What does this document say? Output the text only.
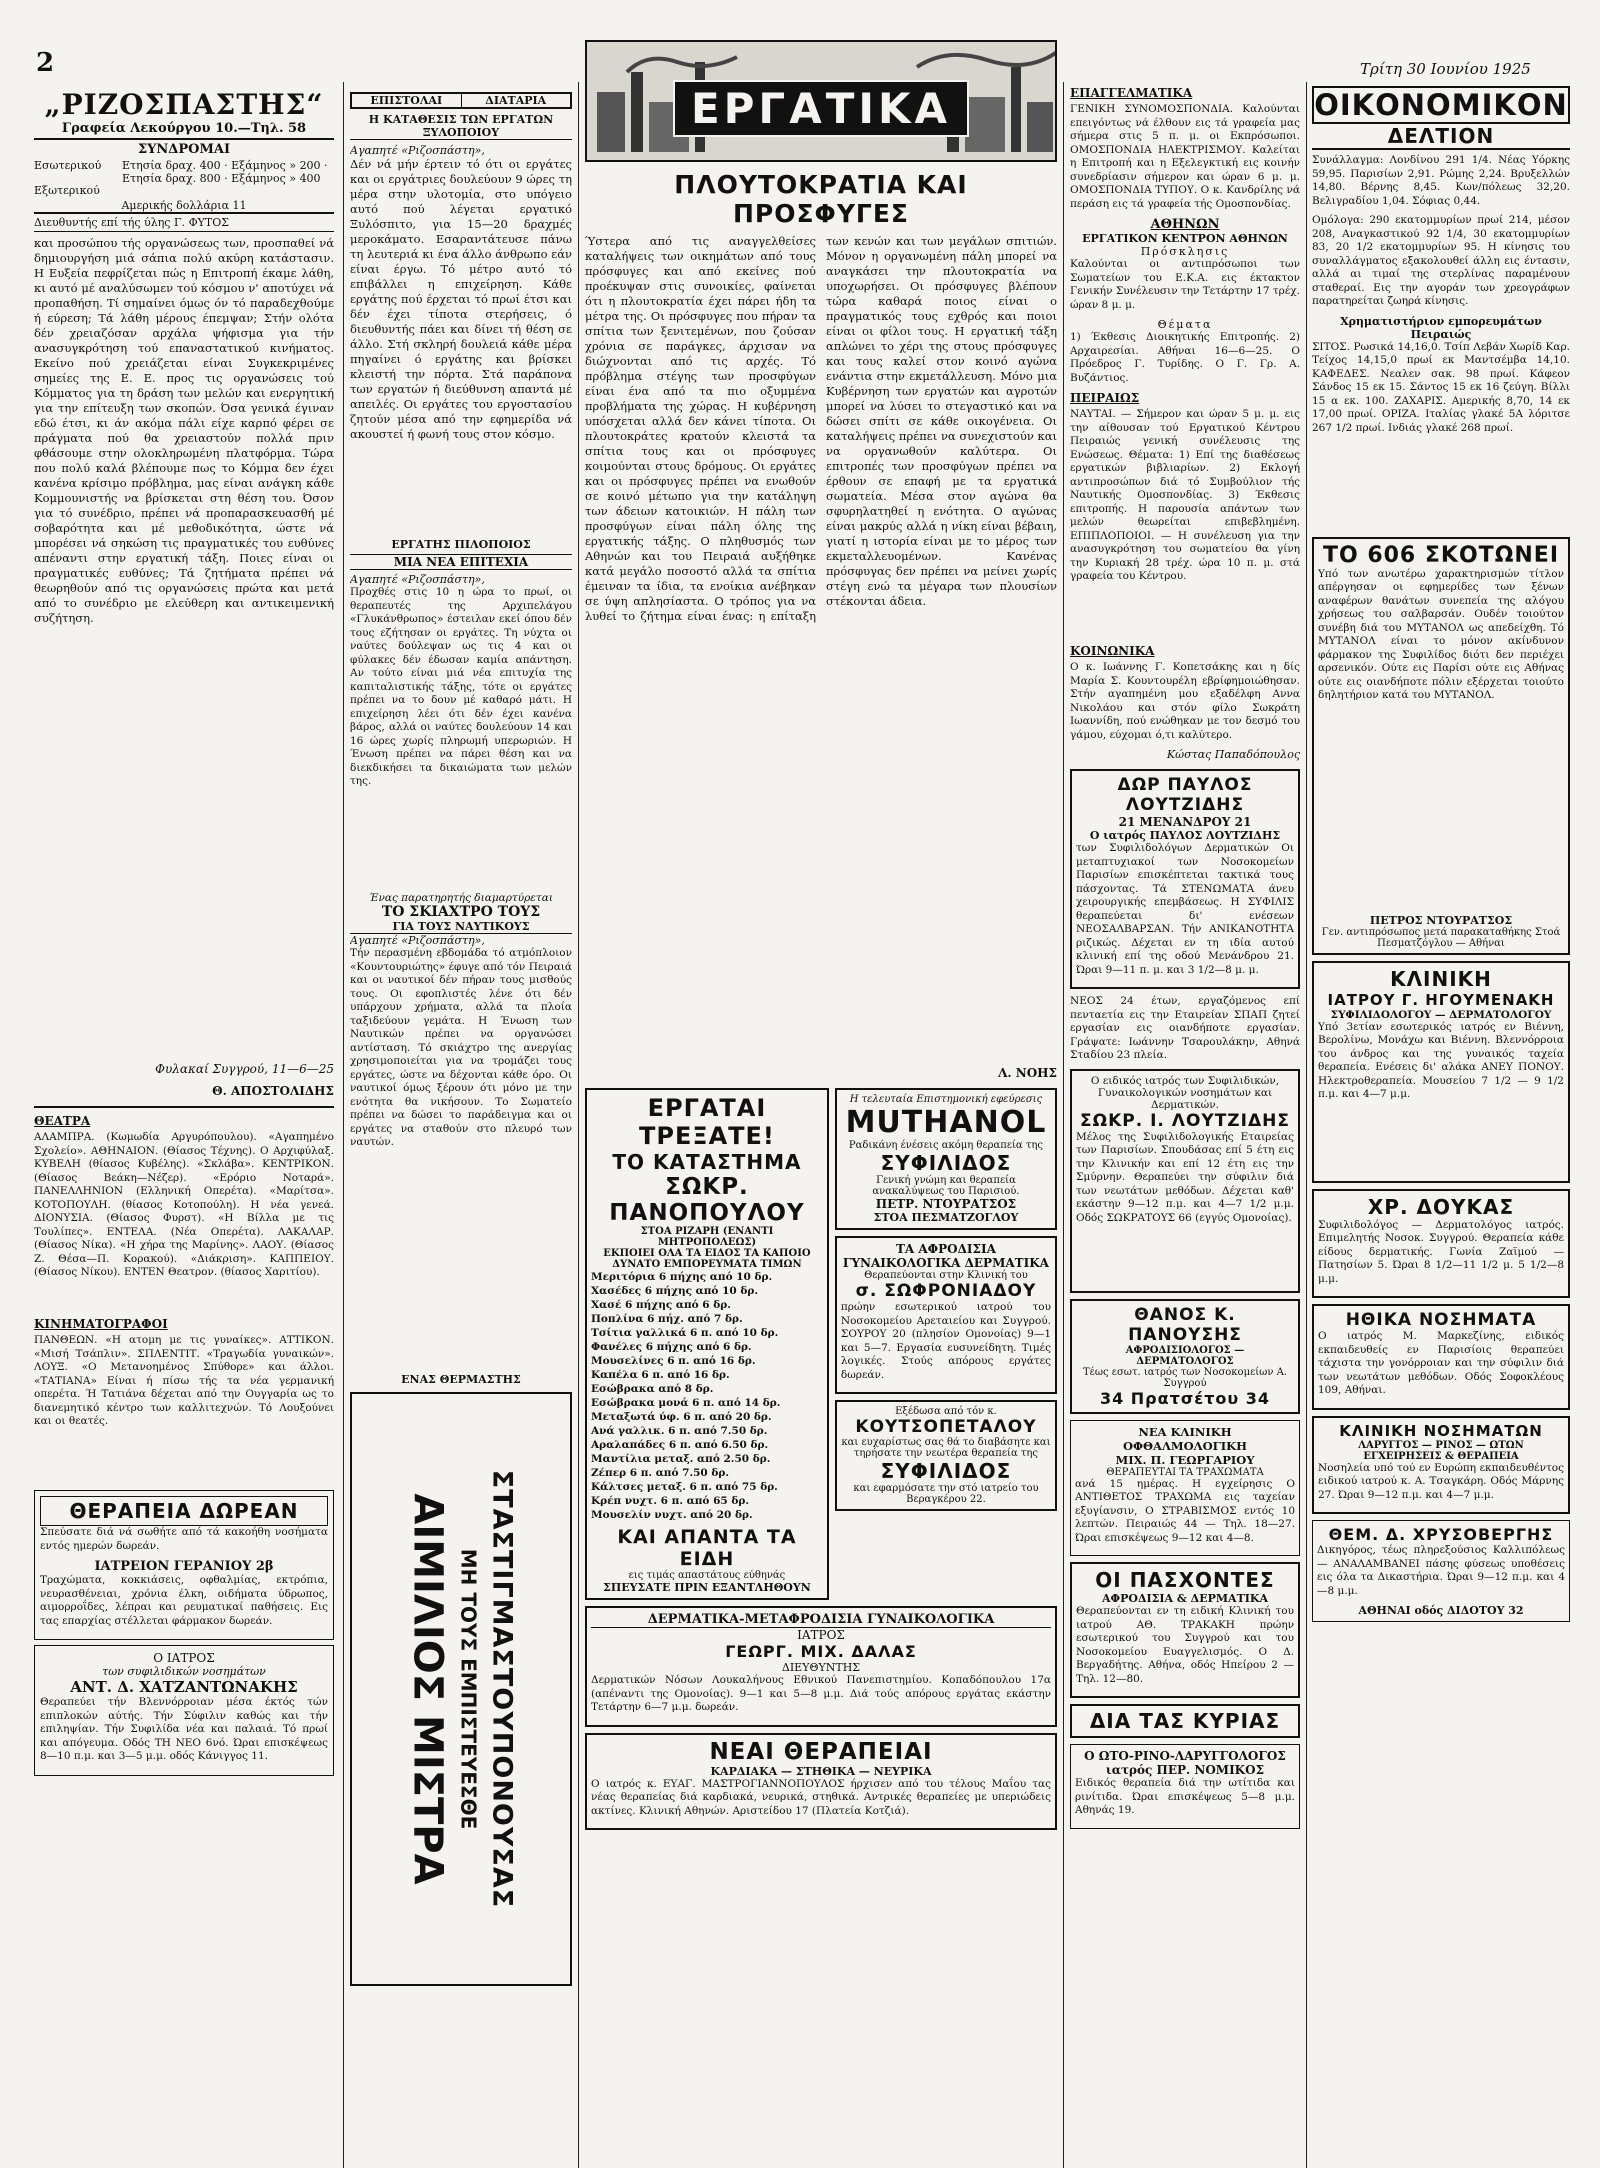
2	Τρίτη 30 Ιουνίου 1925
„ΡΙΖΟΣΠΑΣΤΗΣ“
Γραφεία Λεκούργου 10.—Τηλ. 58
ΣΥΝΔΡΟΜΑΙ
Εσωτερικού
Εξωτερικού
Ετησία δραχ. 400 · Εξάμηνος » 200 · Ετησία δραχ. 800 · Εξάμηνος » 400
Αμερικής δολλάρια 11
Διευθυντής επί τής ύλης Γ. ΦΥΤΟΣ

και προσώπου τής οργανώσεως των, προσπαθεί νά δημιουργήση μιά σάπια πολύ ακύρη κατάστασιν. Η Ευξεία πεφρίζεται πώς η Επιτροπή έκαμε λάθη, κι αυτό μέ αναλύσωμεν τού κόσμου ν' αποτύχει νά προπαθήση. Τί σημαίνει όμως όν τό παραδεχθούμε ή εύρεση; Τά λάθη μέρους έπεμψαν; Στήν ολότα δέν χρειαζόσαν αρχάλα ψήφισμα για τήν ανασυγκρότηση τού επαναστατικού κινήματος. Εκείνο πού χρειάζεται είναι Συγκεκριμένες σημείες της Ε. Ε. προς τις οργανώσεις τού Κόμματος για τη δράση των μελών και ενεργητική για την επίτευξη των σκοπών. Όσα γενικά έγιναν εδώ έτσι, κι άν ακόμα πάλι είχε καρπό φέρει σε πράγματα πού θα χρειαστούν πολλά πριν φθάσουμε στην ολοκληρωμένη πλατφόρμα. Τώρα που πολύ καλά βλέπουμε πως το Κόμμα δεν έχει κανένα κρίσιμο πρόβλημα, μας είναι ανάγκη κάθε Κομμουνιστής να βρίσκεται στη θέση του. Όσον για τό συνέδριο, πρέπει νά προπαρασκευασθή μέ σοβαρότητα και μέ μεθοδικότητα, ώστε νά μπορέσει νά σηκώση τις πραγματικές του ευθύνες απέναντι στην εργατική τάξη. Ποιες είναι οι πραγματικές ευθύνες; Τά ζητήματα πρέπει νά θεωρηθούν από τις οργανώσεις πρώτα και μετά από το συνέδριο με ελεύθερη και αντικειμενική συζήτηση.

Φυλακαί Συγγρού, 11—6—25
Θ. ΑΠΟΣΤΟΛΙΔΗΣ
ΘΕΑΤΡΑ

ΑΛΑΜΠΡΑ. (Κωμωδία Αργυρόπουλου). «Αγαπημένο Σχολείο». ΑΘΗΝΑΙΟΝ. (Θίασος Τέχνης). Ο Αρχιφύλαξ. ΚΥΒΕΛΗ (θίασος Κυβέλης). «Σκλάβα». ΚΕΝΤΡΙΚΟΝ. (Θίασος Βεάκη—Νέζερ). «Ερόριο Νοταρά». ΠΑΝΕΛΛΗΝΙΟΝ (Ελληνική Οπερέτα). «Μαρίτσα». ΚΟΤΟΠΟΥΛΗ. (θίασος Κοτοπούλη). Η νέα γενεά. ΔΙΟΝΥΣΙΑ. (Θίασος Φυρστ). «Η Βίλλα με τις Τουλίπες». ΕΝΤΕΛΑ. (Νέα Οπερέτα). ΛΑΚΑΛΑΡ. (Θίασος Νίκα). «Η χήρα της Μαρίνης». ΛΑΟΥ. (Θίασος Ζ. Θέσα—Π. Κορακού). «Διάκριση». ΚΑΠΠΕΙΟΥ. (Θίασος Νίκου). ΕΝΤΕΝ Θεατρον. (θίασος Χαριτίου).

ΚΙΝΗΜΑΤΟΓΡΑΦΟΙ

ΠΑΝΘΕΩΝ. «Η ατομη με τις γυναίκες». ΑΤΤΙΚΟΝ. «Μισή Τσάπλιν». ΣΠΛΕΝΤΙΤ. «Τραγωδία γυναικών». ΛΟΥΞ. «Ο Μετανοημένος Σπύθορε» και άλλοι. «ΤΑΤΙΑΝΑ» Είναι ή πίσω τής τα νέα γερμανική οπερέτα. Ή Τατιάνα δέχεται από την Ουγγαρία ως το διανεμητικό κέντρο των καλλιτεχνών. Τό Λουξούνει και οι θεατές.

ΘΕΡΑΠΕΙΑ ΔΩΡΕΑΝ

Σπεύσατε διά νά σωθήτε από τά κακοήθη νοσήματα εντός ημερών δωρεάν.

ΙΑΤΡΕΙΟΝ ΓΕΡΑΝΙΟΥ 2β

Τραχώματα, κοκκιάσεις, οφθαλμίας, εκτρόπια, νευρασθένειαι, χρόνια έλκη, οιδήματα ύδρωπος, αιμορροΐδες, λέπραι και ρευματικαί παθήσεις. Εις τας επαρχίας στέλλεται φάρμακον δωρεάν.

Ο ΙΑΤΡΟΣ
των συφιλιδικών νοσημάτων
ΑΝΤ. Δ. ΧΑΤΖΑΝΤΩΝΑΚΗΣ

Θεραπεύει τήν Βλεννόρροιαν μέσα έκτός τών επιπλοκών αύτής. Τήν Σύφιλιν καθώς και τήν επιληψίαν. Τήν Συφιλίδα νέα και παλαιά. Τό πρωί και απόγευμα. Οδός ΤΗ ΝΕΟ 6νό. Ώραι επισκέψεως 8—10 π.μ. και 3—5 μ.μ. οδός Κάνιγγος 11.

ΕΠΙΣΤΟΛΑΙ	ΔΙΑΤΑΡΙΑ
Η ΚΑΤΑΘΕΣΙΣ ΤΩΝ ΕΡΓΑΤΩΝ ΞΥΛΟΠΟΙΟΥ
Αγαπητέ «Ριζοσπάστη»,

Δέν νά μήν έρτειν τό ότι οι εργάτες και οι εργάτριες δουλεύουν 9 ώρες τη μέρα στην υλοτομία, στο υπόγειο αυτό πού λέγεται εργατικό Ξυλόσπιτο, για 15—20 δραχμές μεροκάματο. Εσαραντάτευσε πάνω τη λευτεριά κι ένα άλλο άνθρωπο εάν είναι έργω. Τό μέτρο αυτό τό επιβάλλει η επιχείρηση. Κάθε εργάτης πού έρχεται τό πρωί έτσι και δέν έχει τίποτα στερήσεις, ό διευθυντής πάει και δίνει τή θέση σε άλλο. Στή σκληρή δουλειά κάθε μέρα πηγαίνει ό εργάτης και βρίσκει κλειστή την πόρτα. Στά παράπονα των εργατών ή διεύθυνση απαντά μέ απειλές. Οι εργάτες του εργοστασίου ζητούν μέσα από την εφημερίδα νά ακουστεί ή φωνή τους στον κόσμο.

ΕΡΓΑΤΗΣ ΠΙΛΟΠΟΙΟΣ
ΜΙΑ ΝΕΑ ΕΠΙΤΕΧΙΑ
Αγαπητέ «Ριζοσπάστη»,

Προχθές στις 10 η ώρα το πρωί, οι θεραπευτές της Αρχιπελάγου «Γλυκάνθρωπος» έστειλαν εκεί όπου δέν τους εζήτησαν οι εργάτες. Τη νύχτα οι ναύτες δούλεψαν ως τις 4 και οι φύλακες δέν έδωσαν καμία απάντηση. Αν τούτο είναι μιά νέα επιτυχία της καπιταλιστικής τάξης, τότε οι εργάτες πρέπει να το δουν μέ καθαρό μάτι. Η επιχείρηση λέει ότι δέν έχει κανένα βάρος, αλλά οι ναύτες δουλεύουν 14 και 16 ώρες χωρίς πληρωμή υπερωριών. Η Ένωση πρέπει να πάρει θέση και να διεκδικήσει τα δικαιώματα των μελών της.

Ένας παρατηρητής διαμαρτύρεται
ΤΟ ΣΚΙΑΧΤΡΟ ΤΟΥΣ
ΓΙΑ ΤΟΥΣ ΝΑΥΤΙΚΟΥΣ
Αγαπητέ «Ριζοσπάστη»,

Τήν περασμένη εβδομάδα τό ατμόπλοιον «Κουντουριώτης» έφυγε από τόν Πειραιά και οι ναυτικοί δέν πήραν τους μισθούς τους. Οι εφοπλιστές λένε ότι δέν υπάρχουν χρήματα, αλλά τα πλοία ταξιδεύουν γεμάτα. Η Ένωση των Ναυτικών πρέπει να οργανώσει αντίσταση. Τό σκιάχτρο της ανεργίας χρησιμοποιείται για να τρομάζει τους εργάτες, ώστε να δέχονται κάθε όρο. Οι ναυτικοί όμως ξέρουν ότι μόνο με την ενότητα θα νικήσουν. Το Σωματείο πρέπει να δώσει το παράδειγμα και οι εργάτες να σταθούν στο πλευρό των ναυτών.

ΕΝΑΣ ΘΕΡΜΑΣΤΗΣ
ΣΤΑΣΤΙΓΜΑΣΤΟΥΠΟΝΟΥΣΑΣ
ΜΗ ΤΟΥΣ ΕΜΠΙΣΤΕΥΕΣΘΕ
ΑΙΜΙΛΙΟΣ ΜΙΣΤΡΑ
ΕΡΓΑΤΙΚΑ
ΠΛΟΥΤΟΚΡΑΤΙΑ ΚΑΙ ΠΡΟΣΦΥΓΕΣ

Ύστερα από τις αναγγελθείσες καταλήψεις των οικημάτων από τους πρόσφυγες και από εκείνες πού προέκυψαν στις συνοικίες, φαίνεται ότι η πλουτοκρατία έχει πάρει ήδη τα μέτρα της. Οι πρόσφυγες που πήραν τα σπίτια των ξενιτεμένων, που ζούσαν χρόνια σε παράγκες, άρχισαν να διώχνονται από τις αρχές. Τό πρόβλημα στέγης των προσφύγων είναι ένα από τα πιο οξυμμένα προβλήματα της χώρας. Η κυβέρνηση υπόσχεται αλλά δεν κάνει τίποτα. Οι πλουτοκράτες κρατούν κλειστά τα σπίτια τους και οι πρόσφυγες κοιμούνται στους δρόμους. Οι εργάτες και οι πρόσφυγες πρέπει να ενωθούν σε κοινό μέτωπο για την κατάληψη των άδειων κατοικιών. Η πάλη των προσφύγων είναι πάλη όλης της εργατικής τάξης. Ο πληθυσμός των Αθηνών και του Πειραιά αυξήθηκε κατά μεγάλο ποσοστό αλλά τα σπίτια έμειναν τα ίδια, τα ενοίκια ανέβηκαν σε ύψη απλησίαστα. Ο τρόπος για να λυθεί το ζήτημα είναι ένας: η επίταξη των κενών και των μεγάλων σπιτιών. Μόνον η οργανωμένη πάλη μπορεί να αναγκάσει την πλουτοκρατία να υποχωρήσει. Οι πρόσφυγες βλέπουν τώρα καθαρά ποιος είναι ο πραγματικός τους εχθρός και ποιοι είναι οι φίλοι τους. Η εργατική τάξη απλώνει το χέρι της στους πρόσφυγες και τους καλεί στον κοινό αγώνα ενάντια στην εκμετάλλευση. Μόνο μια Κυβέρνηση των εργατών και αγροτών μπορεί να λύσει το στεγαστικό και να δώσει σπίτι σε κάθε οικογένεια. Οι καταλήψεις πρέπει να συνεχιστούν και να οργανωθούν καλύτερα. Οι επιτροπές των προσφύγων πρέπει να έρθουν σε επαφή με τα εργατικά σωματεία. Μέσα στον αγώνα θα σφυρηλατηθεί η ενότητα. Ο αγώνας είναι μακρύς αλλά η νίκη είναι βέβαιη, γιατί η ιστορία είναι με το μέρος των εκμεταλλευομένων. Κανένας πρόσφυγας δεν πρέπει να μείνει χωρίς στέγη ενώ τα μέγαρα των πλουσίων στέκονται άδεια.

Λ. ΝΟΗΣ
ΕΡΓΑΤΑΙ ΤΡΕΞΑΤΕ!
ΤΟ ΚΑΤΑΣΤΗΜΑ
ΣΩΚΡ. ΠΑΝΟΠΟΥΛΟΥ
ΣΤΟΑ ΡΙΖΑΡΗ (ΕΝΑΝΤΙ ΜΗΤΡΟΠΟΛΕΩΣ)
ΕΚΠΟΙΕΙ ΟΛΑ ΤΑ ΕΙΔΟΣ ΤΑ ΚΑΠΟΙΟ ΔΥΝΑΤΟ ΕΜΠΟΡΕΥΜΑΤΑ ΤΙΜΩΝ
Μεριτόρια 6 πήχης από 10 δρ.
Χασέδες 6 πήχης από 10 δρ.
Χασέ 6 πήχης από 6 δρ.
Ποπλίνα 6 πήχ. από 7 δρ.
Τσίτια γαλλικά 6 π. από 10 δρ.
Φανέλες 6 πήχης από 6 δρ.
Μουσελίνες 6 π. από 16 δρ.
Καπέλα 6 π. από 16 δρ.
Εσώβρακα από 8 δρ.
Εσώβρακα μονά 6 π. από 14 δρ.
Μεταξωτά ύφ. 6 π. από 20 δρ.
Ανά γαλλικ. 6 π. από 7.50 δρ.
Αραλαπάδες 6 π. από 6.50 δρ.
Μαντίλια μεταξ. από 2.50 δρ.
Ζέπερ 6 π. από 7.50 δρ.
Κάλτσες μεταξ. 6 π. από 75 δρ.
Κρέπ νυχτ. 6 π. από 65 δρ.
Μουσελίν νυχτ. από 20 δρ.
ΚΑΙ ΑΠΑΝΤΑ ΤΑ ΕΙΔΗ
εις τιμάς απαστάτους εύθηνάς
ΣΠΕΥΣΑΤΕ ΠΡΙΝ ΕΞΑΝΤΛΗΘΟΥΝ
Η τελευταία Επιστημονική εφεύρεσις
MUTHANOL
Ραδικάνη ένέσεις ακόμη θεραπεία της
ΣΥΦΙΛΙΔΟΣ
Γενική γνώμη και θεραπεία ανακαλύψεως του Παρισιού.
ΠΕΤΡ. ΝΤΟΥΡΑΤΣΟΣ
ΣΤΟΑ ΠΕΣΜΑΤΖΟΓΛΟΥ
ΤΑ ΑΦΡΟΔΙΣΙΑ ΓΥΝΑΙΚΟΛΟΓΙΚΑ ΔΕΡΜΑΤΙΚΑ
Θεραπεύονται στην Κλινική του
σ. ΣΩΦΡΟΝΙΑΔΟΥ

πρώην εσωτερικού ιατρού του Νοσοκομείου Αρεταιείου και Συγγρού. ΣΟΥΡΟΥ 20 (πλησίον Ομονοίας) 9—1 και 5—7. Εργασία ευσυνείδητη. Τιμές λογικές. Στούς απόρους εργάτες δωρεάν.

Εξέδωσα από τόν κ.
ΚΟΥΤΣΟΠΕΤΑΛΟΥ
και ευχαρίστως σας θά το διαβάσητε και τηρήσατε την νεωτέρα θεραπεία της
ΣΥΦΙΛΙΔΟΣ
και εφαρμόσατε την στό ιατρείο του Βεραγκέρου 22.
ΔΕΡΜΑΤΙΚΑ-ΜΕΤΑΦΡΟΔΙΣΙΑ ΓΥΝΑΙΚΟΛΟΓΙΚΑ
ΙΑΤΡΟΣ
ΓΕΩΡΓ. ΜΙΧ. ΔΑΛΑΣ
ΔΙΕΥΘΥΝΤΗΣ

Δερματικών Νόσων Λουκαλήνους Εθνικού Πανεπιστημίου. Κοπαδόπουλου 17α (απέναντι της Ομονοίας). 9—1 και 5—8 μ.μ. Διά τούς απόρους εργάτας εκάστην Τετάρτην 6—7 μ.μ. δωρεάν.

ΝΕΑΙ ΘΕΡΑΠΕΙΑΙ
ΚΑΡΔΙΑΚΑ — ΣΤΗΘΙΚΑ — ΝΕΥΡΙΚΑ

Ο ιατρός κ. ΕΥΑΓ. ΜΑΣΤΡΟΓΙΑΝΝΟΠΟΥΛΟΣ ήρχισεν από του τέλους Μαΐου τας νέας θεραπείας διά καρδιακά, νευρικά, στηθικά. Αντρικές θεραπείες με υπεριώδεις ακτίνες. Κλινική Αθηνών. Αριστείδου 17 (Πλατεία Κοτζιά).

ΕΠΑΓΓΕΛΜΑΤΙΚΑ

ΓΕΝΙΚΗ ΣΥΝΟΜΟΣΠΟΝΔΙΑ. Καλούνται επειγόντως νά έλθουν εις τά γραφεία μας σήμερα στις 5 π. μ. οι Εκπρόσωποι. ΟΜΟΣΠΟΝΔΙΑ ΗΛΕΚΤΡΙΣΜΟΥ. Καλείται η Επιτροπή και η Εξελεγκτική εις κοινήν συνεδρίασιν σήμερον και ώραν 6 μ. μ. ΟΜΟΣΠΟΝΔΙΑ ΤΥΠΟΥ. Ο κ. Κανδρίλης νά περάση εις τά γραφεία τής Ομοσπονδίας.

ΑΘΗΝΩΝ
ΕΡΓΑΤΙΚΟΝ ΚΕΝΤΡΟΝ ΑΘΗΝΩΝ
Πρόσκλησις

Καλούνται οι αντιπρόσωποι των Σωματείων του Ε.Κ.Α. εις έκτακτον Γενικήν Συνέλευσιν την Τετάρτην 17 τρέχ. ώραν 8 μ. μ.

Θέματα

1) Έκθεσις Διοικητικής Επιτροπής. 2) Αρχαιρεσίαι. Αθήναι 16—6—25. Ο Πρόεδρος Γ. Τυρίδης. Ο Γ. Γρ. Α. Βυζάντιος.

ΠΕΙΡΑΙΩΣ

ΝΑΥΤΑΙ. — Σήμερον και ώραν 5 μ. μ. εις την αίθουσαν τού Εργατικού Κέντρου Πειραιώς γενική συνέλευσις της Ενώσεως. Θέματα: 1) Επί της διαθέσεως εργατικών βιβλιαρίων. 2) Εκλογή αντιπροσώπων διά τό Συμβούλιον τής Ναυτικής Ομοσπονδίας. 3) Έκθεσις επιτροπής. Η παρουσία απάντων των μελών θεωρείται επιβεβλημένη. ΕΠΙΠΛΟΠΟΙΟΙ. — Η συνέλευση για την ανασυγκρότηση του σωματείου θα γίνη την Κυριακή 28 τρέχ. ώρα 10 π. μ. στά γραφεία του Κέντρου.

ΚΟΙΝΩΝΙΚΑ

Ο κ. Ιωάννης Γ. Κοπετσάκης και η δίς Μαρία Σ. Κουντουρέλη εβρίφημοιώθησαν. Στήν αγαπημένη μου εξαδέλφη Αννα Νικολάου και στόν φίλο Σωκράτη Ιωαννίδη, πού ενώθηκαν με τον δεσμό του γάμου, εύχομαι ό,τι καλύτερο.

Κώστας Παπαδόπουλος
ΔΩΡ ΠΑΥΛΟΣ ΛΟΥΤΖΙΔΗΣ
21 ΜΕΝΑΝΔΡΟΥ 21
Ο ιατρός ΠΑΥΛΟΣ ΛΟΥΤΖΙΔΗΣ

των Συφιλιδολόγων Δερματικών Οι μεταπτυχιακοί των Νοσοκομείων Παρισίων επισκέπτεται τακτικά τους πάσχοντας. Τά ΣΤΕΝΩΜΑΤΑ άνευ χειρουργικής επεμβάσεως. Η ΣΥΦΙΛΙΣ θεραπεύεται δι' ενέσεων ΝΕΟΣΑΛΒΑΡΣΑΝ. Τήν ΑΝΙΚΑΝΟΤΗΤΑ ριζικώς. Δέχεται εν τη ιδία αυτού κλινική επί της οδού Μενάνδρου 21. Ώραι 9—11 π. μ. και 3 1/2—8 μ. μ.

ΝΕΟΣ 24 έτων, εργαζόμενος επί πενταετία εις την Εταιρείαν ΣΠΑΠ ζητεί εργασίαν εις οιανδήποτε εργασίαν. Γράψατε: Ιωάννην Τσαρουλάκην, Αθηνά Σταδίου 23 πλεία.

Ο ειδικός ιατρός των Συφιλιδικών, Γυναικολογικών νοσημάτων και Δερματικών.
ΣΩΚΡ. Ι. ΛΟΥΤΖΙΔΗΣ

Μέλος της Συφιλιδολογικής Εταιρείας των Παρισίων. Σπουδάσας επί 5 έτη εις την Κλινικήν και επί 12 έτη εις την Σμύρνην. Θεραπεύει την σύφιλιν διά των νεωτάτων μεθόδων. Δέχεται καθ' εκάστην 9—12 π.μ. και 4—7 1/2 μ.μ. Οδός ΣΩΚΡΑΤΟΥΣ 66 (εγγύς Ομονοίας).

ΘΑΝΟΣ Κ. ΠΑΝΟΥΣΗΣ
ΑΦΡΟΔΙΣΙΟΛΟΓΟΣ — ΔΕΡΜΑΤΟΛΟΓΟΣ
Τέως εσωτ. ιατρός των Νοσοκομείων Α. Συγγρού
34 Πρατσέτου 34
ΝΕΑ ΚΛΙΝΙΚΗ ΟΦΘΑΛΜΟΛΟΓΙΚΗ
ΜΙΧ. Π. ΓΕΩΡΓΑΡΙΟΥ
ΘΕΡΑΠΕΥΤΑΙ ΤΑ ΤΡΑΧΩΜΑΤΑ

ανά 15 ημέρας. Η εγχείρησις Ο ΑΝΤΙΘΕΤΟΣ ΤΡΑΧΩΜΑ εις ταχείαν εξυγίανσιν, Ο ΣΤΡΑΒΙΣΜΟΣ εντός 10 λεπτών. Πειραιώς 44 — Τηλ. 18—27. Ώραι επισκέψεως 9—12 και 4—8.

ΟΙ ΠΑΣΧΟΝΤΕΣ
ΑΦΡΟΔΙΣΙΑ & ΔΕΡΜΑΤΙΚΑ

Θεραπεύονται εν τη ειδική Κλινική του ιατρού ΑΘ. ΤΡΑΚΑΚΗ πρώην εσωτερικού του Συγγρού και του Νοσοκομείου Ευαγγελισμός. Ο Δ. Βεργαδήτης. Αθήνα, οδός Ηπείρου 2 — Τηλ. 12—80.

ΔΙΑ ΤΑΣ ΚΥΡΙΑΣ
Ο ΩΤΟ-ΡΙΝΟ-ΛΑΡΥΓΓΟΛΟΓΟΣ
ιατρός ΠΕΡ. ΝΟΜΙΚΟΣ

Ειδικός θεραπεία διά την ωτίτιδα και ρινίτιδα. Ώραι επισκέψεως 5—8 μ.μ. Αθηνάς 19.

ΟΙΚΟΝΟΜΙΚΟΝ
ΔΕΛΤΙΟΝ

Συνάλλαγμα: Λονδίνου 291 1/4. Νέας Υόρκης 59,95. Παρισίων 2,91. Ρώμης 2,24. Βρυξελλών 14,80. Βέρνης 8,45. Κων/πόλεως 32,20. Βελιγραδίου 1,04. Σόφιας 0,44.

Ομόλογα: 290 εκατομμυρίων πρωί 214, μέσον 208, Αναγκαστικού 92 1/4, 30 εκατομμυρίων 83, 20 1/2 εκατομμυρίων 95. Η κίνησις του συναλλάγματος εξακολουθεί άλλη εις έντασιν, αλλά αι τιμαί της στερλίνας παραμένουν σταθεραί. Εις την αγοράν των χρεογράφων παρατηρείται ζωηρά κίνησις.

Χρηματιστήριον εμπορευμάτων Πειραιώς

ΣΙΤΟΣ. Ρωσικά 14,16,0. Τσίπ Λεβάν Χωρίδ Καρ. Τείχος 14,15,0 πρωί εκ Μαντσέμβα 14,10. ΚΑΦΕΔΕΣ. Νεαλεν σακ. 98 πρωί. Κάφεον Σάνδος 15 εκ 15. Σάντος 15 εκ 16 ζεύγη. Βίλλι 15 α εκ. 100. ΖΑΧΑΡΙΣ. Αμερικής 8,70, 14 εκ 17,00 πρωί. ΟΡΙΖΑ. Ιταλίας γλακέ 5Α λόριτσε 267 1/2 πρωί. Ινδιάς γλακέ 268 πρωί.

ΤΟ 606 ΣΚΟΤΩΝΕΙ

Υπό των ανωτέρω χαρακτηρισμών τίτλον απέργησαν οι εφημερίδες των ξένων αναφέρων θανάτων συνεπεία της αλόγου χρήσεως του σαλβαρσάν. Ουδέν τοιούτον συνέβη διά του ΜΥΤΑΝΟΛ ως απεδείχθη. Τό ΜΥΤΑΝΟΛ είναι το μόνον ακίνδυνον φάρμακον της Συφιλίδος διότι δεν περιέχει αρσενικόν. Ούτε εις Παρίσι ούτε εις Αθήνας ούτε εις οιανδήποτε πόλιν εξέρχεται τοιούτο δηλητήριον κατά του ΜΥΤΑΝΟΛ.

ΠΕΤΡΟΣ ΝΤΟΥΡΑΤΣΟΣ
Γεν. αντιπρόσωπος μετά παρακαταθήκης Στοά Πεσματζόγλου — Αθήναι
ΚΛΙΝΙΚΗ
ΙΑΤΡΟΥ Γ. ΗΓΟΥΜΕΝΑΚΗ
ΣΥΦΙΛΙΔΟΛΟΓΟΥ — ΔΕΡΜΑΤΟΛΟΓΟΥ

Υπό 3ετίαν εσωτερικός ιατρός εν Βιέννη, Βερολίνω, Μονάχω και Βιέννη. Βλεννόρροια του άνδρος και της γυναικός ταχεία θεραπεία. Ενέσεις δι' αλάκα ΑΝΕΥ ΠΟΝΟΥ. Ηλεκτροθεραπεία. Μουσείου 7 1/2 — 9 1/2 π.μ. και 4—7 μ.μ.

ΧΡ. ΔΟΥΚΑΣ

Συφιλιδολόγος — Δερματολόγος ιατρός. Επιμελητής Νοσοκ. Συγγρού. Θεραπεία κάθε είδους δερματικής. Γωνία Ζαϊμού — Πατησίων 5. Ώραι 8 1/2—11 1/2 μ. 5 1/2—8 μ.μ.

ΗΘΙΚΑ ΝΟΣΗΜΑΤΑ

Ο ιατρός Μ. Μαρκεζίνης, ειδικός εκπαιδευθείς εν Παρισίοις θεραπεύει τάχιστα την γονόρροιαν και την σύφιλιν διά των νεωτάτων μεθόδων. Οδός Σοφοκλέους 109, Αθήναι.

ΚΛΙΝΙΚΗ ΝΟΣΗΜΑΤΩΝ
ΛΑΡΥΓΓΟΣ — ΡΙΝΟΣ — ΩΤΩΝ ΕΓΧΕΙΡΗΣΕΙΣ & ΘΕΡΑΠΕΙΑ

Νοσηλεία υπό τού εν Ευρώπη εκπαιδευθέντος ειδικού ιατρού κ. Α. Τσαγκάρη. Οδός Μάρνης 27. Ώραι 9—12 π.μ. και 4—7 μ.μ.

ΘΕΜ. Δ. ΧΡΥΣΟΒΕΡΓΗΣ

Δικηγόρος, τέως πληρεξούσιος Καλλιπόλεως — ΑΝΑΛΑΜΒΑΝΕΙ πάσης φύσεως υποθέσεις εις όλα τα Δικαστήρια. Ώραι 9—12 π.μ. και 4—8 μ.μ.

ΑΘΗΝΑΙ οδός ΔΙΔΟΤΟΥ 32
